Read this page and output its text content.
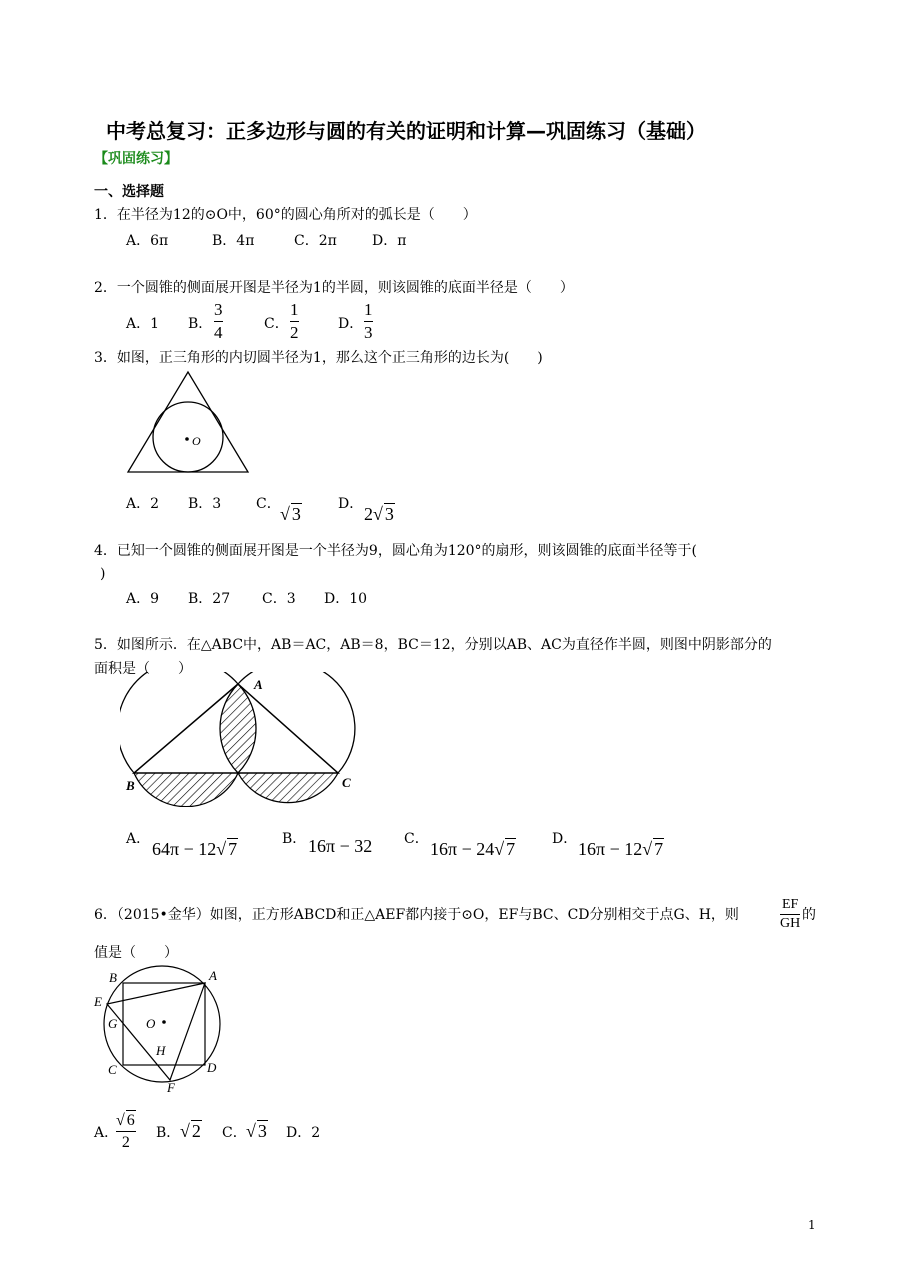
中考总复习：正多边形与圆的有关的证明和计算—巩固练习（基础）
【巩固练习】
一、选择题
1．在半径为12的⊙O中，60°的圆心角所对的弧长是（　　）
A．6π	B．4π	C．2π	D．π
2．一个圆锥的侧面展开图是半径为1的半圆，则该圆锥的底面半径是（　　）
A．1 B．
3
4	C．
1
2	D．
1
3
3．如图，正三角形的内切圆半径为1，那么这个正三角形的边长为(　　)
O
A．2 B．3 C． √ 3	D． 2√ 3
4．已知一个圆锥的侧面展开图是一个半径为9，圆心角为120°的扇形，则该圆锥的底面半径等于(
)
A．9 B．27 C．3 D．10
5．如图所示．在△ABC中，AB＝AC，AB＝8，BC＝12，分别以AB、AC为直径作半圆，则图中阴影部分的
面积是（　　）
A
B	C
A． 64π − 12√ 7	B． 16π − 32 C． 16π − 24√ 7	D． 16π − 12√ 7
6．（2015•金华）如图，正方形ABCD和正△AEF都内接于⊙O，EF与BC、CD分别相交于点G、H，则
EF
GH
的
值是（　　）
O
A
B
C	D
E
F
G
H
A．
√ 6
2
B． √ 2 C． √ 3 D．2
1
